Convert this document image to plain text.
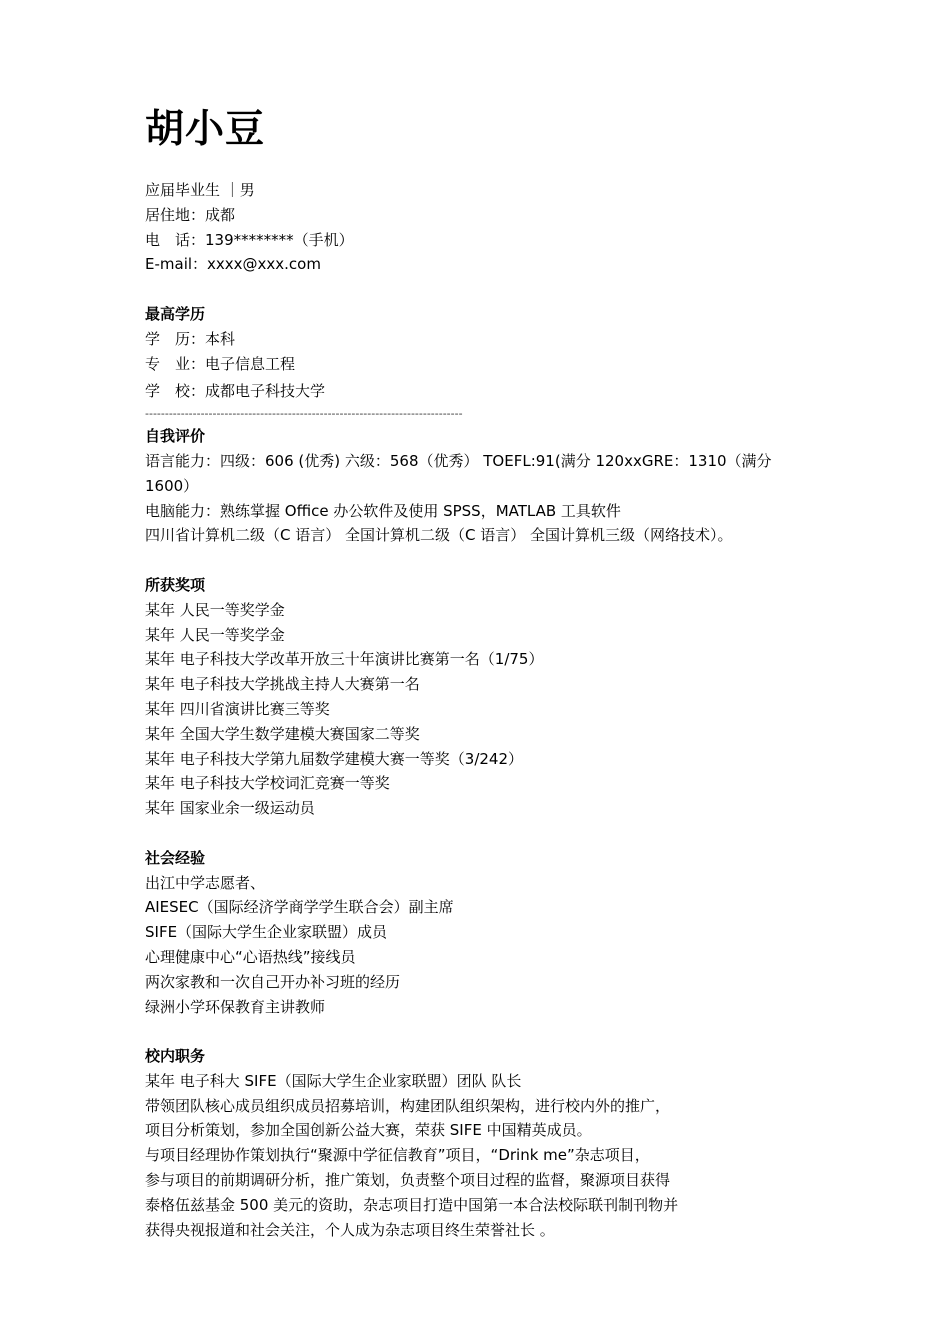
胡小豆
应届毕业生 ｜男
居住地：成都
电　话：139********（手机）
E-mail：xxxx@xxx.com
最高学历
学　历：本科
专　业：电子信息工程
学　校：成都电子科技大学
--------------------------------------------------------------------------------
自我评价
语言能力：四级：606 (优秀) 六级：568（优秀） TOEFL:91(满分 120xxGRE：1310（满分 1600）
电脑能力：熟练掌握 Office 办公软件及使用 SPSS，MATLAB 工具软件
四川省计算机二级（C 语言） 全国计算机二级（C 语言） 全国计算机三级（网络技术）。
所获奖项
某年 人民一等奖学金
某年 人民一等奖学金
某年 电子科技大学改革开放三十年演讲比赛第一名（1/75）
某年 电子科技大学挑战主持人大赛第一名
某年 四川省演讲比赛三等奖
某年 全国大学生数学建模大赛国家二等奖
某年 电子科技大学第九届数学建模大赛一等奖（3/242）
某年 电子科技大学校词汇竞赛一等奖
某年 国家业余一级运动员
社会经验
出江中学志愿者、
AIESEC（国际经济学商学学生联合会）副主席
SIFE（国际大学生企业家联盟）成员
心理健康中心“心语热线”接线员
两次家教和一次自己开办补习班的经历
绿洲小学环保教育主讲教师
校内职务
某年 电子科大 SIFE（国际大学生企业家联盟）团队 队长
带领团队核心成员组织成员招募培训，构建团队组织架构，进行校内外的推广，
项目分析策划，参加全国创新公益大赛，荣获 SIFE 中国精英成员。
与项目经理协作策划执行“聚源中学征信教育”项目，“Drink me”杂志项目，
参与项目的前期调研分析，推广策划，负责整个项目过程的监督，聚源项目获得
泰格伍兹基金 500 美元的资助，杂志项目打造中国第一本合法校际联刊制刊物并
获得央视报道和社会关注，个人成为杂志项目终生荣誉社长 。
